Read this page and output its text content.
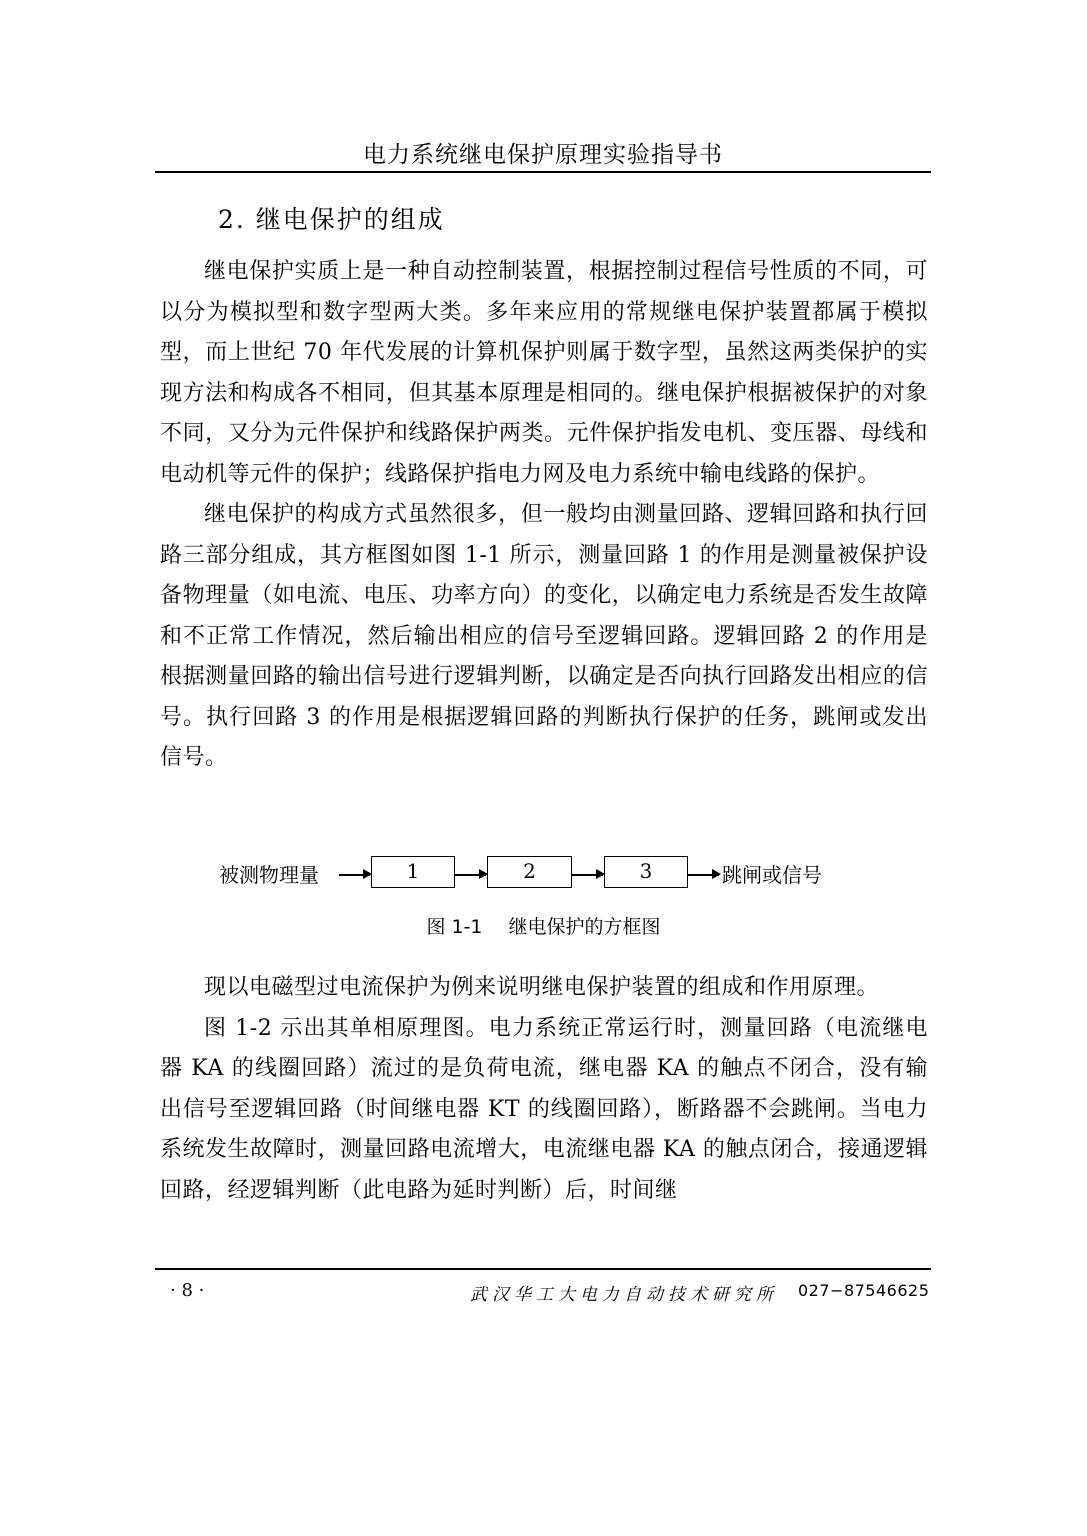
电力系统继电保护原理实验指导书
2. 继电保护的组成

继电保护实质上是一种自动控制装置，根据控制过程信号性质的不同，可以分为模拟型和数字型两大类。多年来应用的常规继电保护装置都属于模拟型，而上世纪 70 年代发展的计算机保护则属于数字型，虽然这两类保护的实现方法和构成各不相同，但其基本原理是相同的。继电保护根据被保护的对象不同，又分为元件保护和线路保护两类。元件保护指发电机、变压器、母线和电动机等元件的保护；线路保护指电力网及电力系统中输电线路的保护。

继电保护的构成方式虽然很多，但一般均由测量回路、逻辑回路和执行回路三部分组成，其方框图如图 1-1 所示，测量回路 1 的作用是测量被保护设备物理量（如电流、电压、功率方向）的变化，以确定电力系统是否发生故障和不正常工作情况，然后输出相应的信号至逻辑回路。逻辑回路 2 的作用是根据测量回路的输出信号进行逻辑判断，以确定是否向执行回路发出相应的信号。执行回路 3 的作用是根据逻辑回路的判断执行保护的任务，跳闸或发出信号。

被测物理量	1	2	3	跳闸或信号
图 1-1 继电保护的方框图

现以电磁型过电流保护为例来说明继电保护装置的组成和作用原理。

图 1-2 示出其单相原理图。电力系统正常运行时，测量回路（电流继电器 KA 的线圈回路）流过的是负荷电流，继电器 KA 的触点不闭合，没有输出信号至逻辑回路（时间继电器 KT 的线圈回路），断路器不会跳闸。当电力系统发生故障时，测量回路电流增大，电流继电器 KA 的触点闭合，接通逻辑回路，经逻辑判断（此电路为延时判断）后，时间继

· 8 ·	武汉华工大电力自动技术研究所 027−87546625
